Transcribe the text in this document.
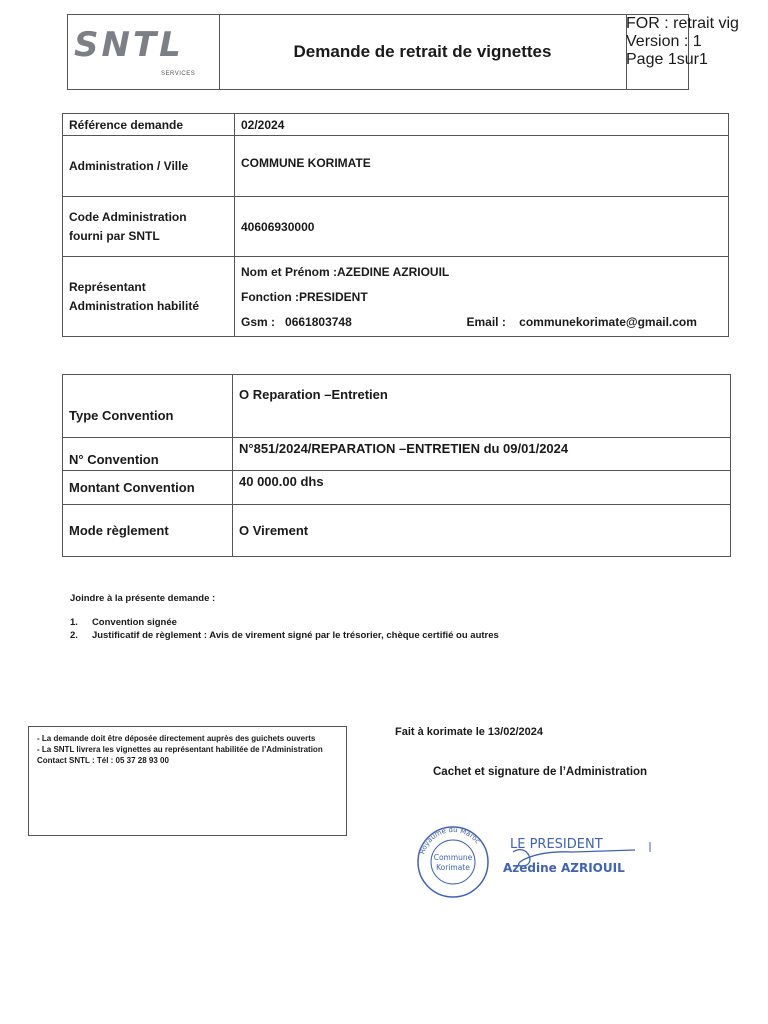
SNTL
SERVICES
Demande de retrait de vignettes
FOR : retrait vig
Version : 1
Page 1sur1
Référence demande	02/2024
Administration / Ville	COMMUNE KORIMATE

Code Administration
fourni par SNTL	40606930000

Représentant
Administration habilité	Nom et Prénom :AZEDINE AZRIOUIL
Fonction :PRESIDENT
Gsm : 0661803748 Email : communekorimate@gmail.com
Type Convention	O Reparation –Entretien
N° Convention	N°851/2024/REPARATION –ENTRETIEN du 09/01/2024
Montant Convention	40 000.00 dhs
Mode règlement	O Virement
Joindre à la présente demande :
1. Convention signée
2. Justificatif de règlement : Avis de virement signé par le trésorier, chèque certifié ou autres
- La demande doit être déposée directement auprès des guichets ouverts
- La SNTL livrera les vignettes au représentant habilitée de l’Administration
Contact SNTL : Tél : 05 37 28 93 00
Fait à korimate le 13/02/2024
Cachet et signature de l’Administration
Royaume du Maroc
Commune
Korimate
LE PRESIDENT
Azedine AZRIOUIL
